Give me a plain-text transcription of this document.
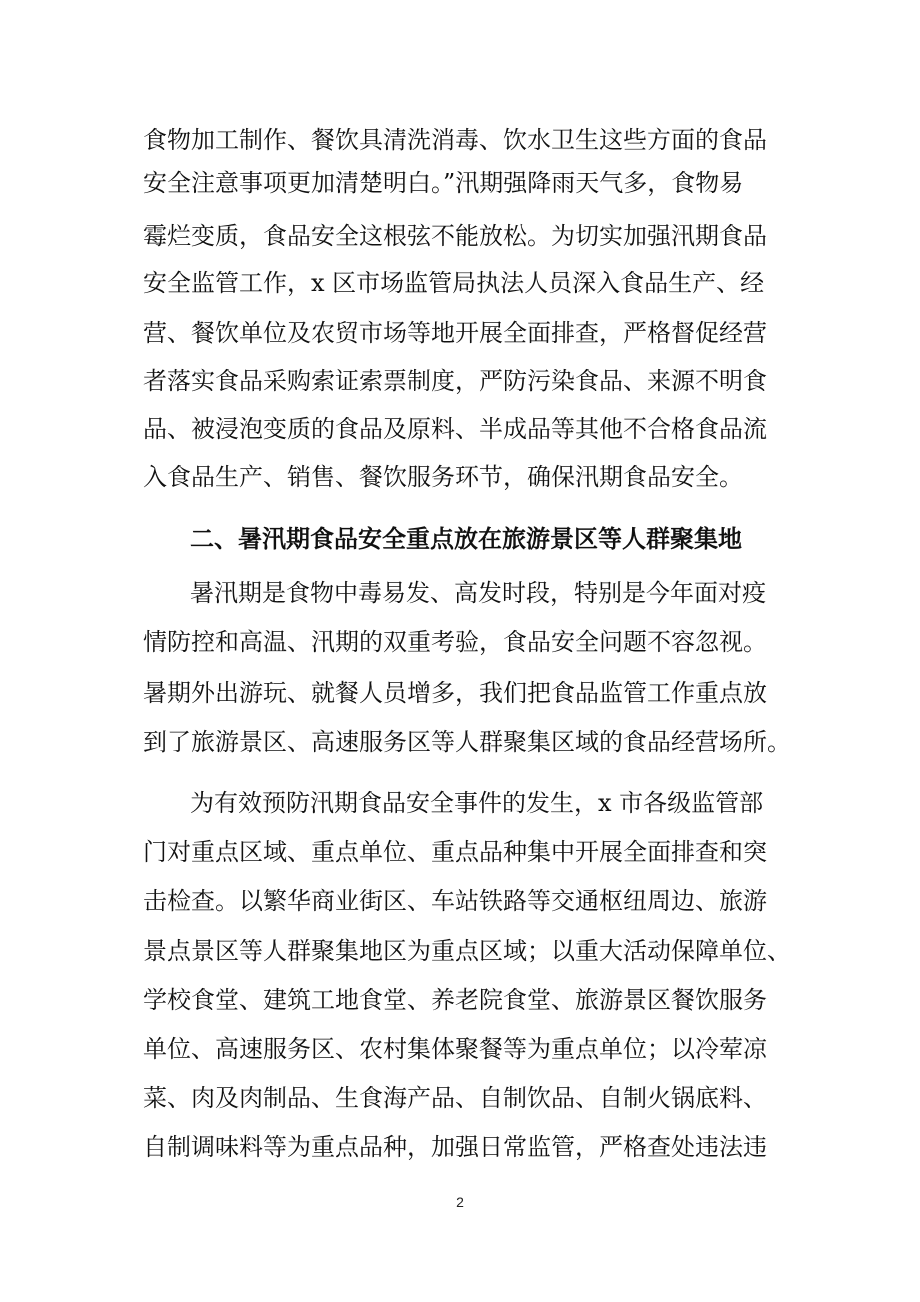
食物加工制作、餐饮具清洗消毒、饮水卫生这些方面的食品
安全注意事项更加清楚明白。”汛期强降雨天气多，食物易
霉烂变质，食品安全这根弦不能放松。为切实加强汛期食品
安全监管工作，x 区市场监管局执法人员深入食品生产、经
营、餐饮单位及农贸市场等地开展全面排查，严格督促经营
者落实食品采购索证索票制度，严防污染食品、来源不明食
品、被浸泡变质的食品及原料、半成品等其他不合格食品流
入食品生产、销售、餐饮服务环节，确保汛期食品安全。
二、暑汛期食品安全重点放在旅游景区等人群聚集地
暑汛期是食物中毒易发、高发时段，特别是今年面对疫
情防控和高温、汛期的双重考验，食品安全问题不容忽视。
暑期外出游玩、就餐人员增多，我们把食品监管工作重点放
到了旅游景区、高速服务区等人群聚集区域的食品经营场所。
为有效预防汛期食品安全事件的发生，x 市各级监管部
门对重点区域、重点单位、重点品种集中开展全面排查和突
击检查。以繁华商业街区、车站铁路等交通枢纽周边、旅游
景点景区等人群聚集地区为重点区域；以重大活动保障单位、
学校食堂、建筑工地食堂、养老院食堂、旅游景区餐饮服务
单位、高速服务区、农村集体聚餐等为重点单位；以冷荤凉
菜、肉及肉制品、生食海产品、自制饮品、自制火锅底料、
自制调味料等为重点品种，加强日常监管，严格查处违法违
2
